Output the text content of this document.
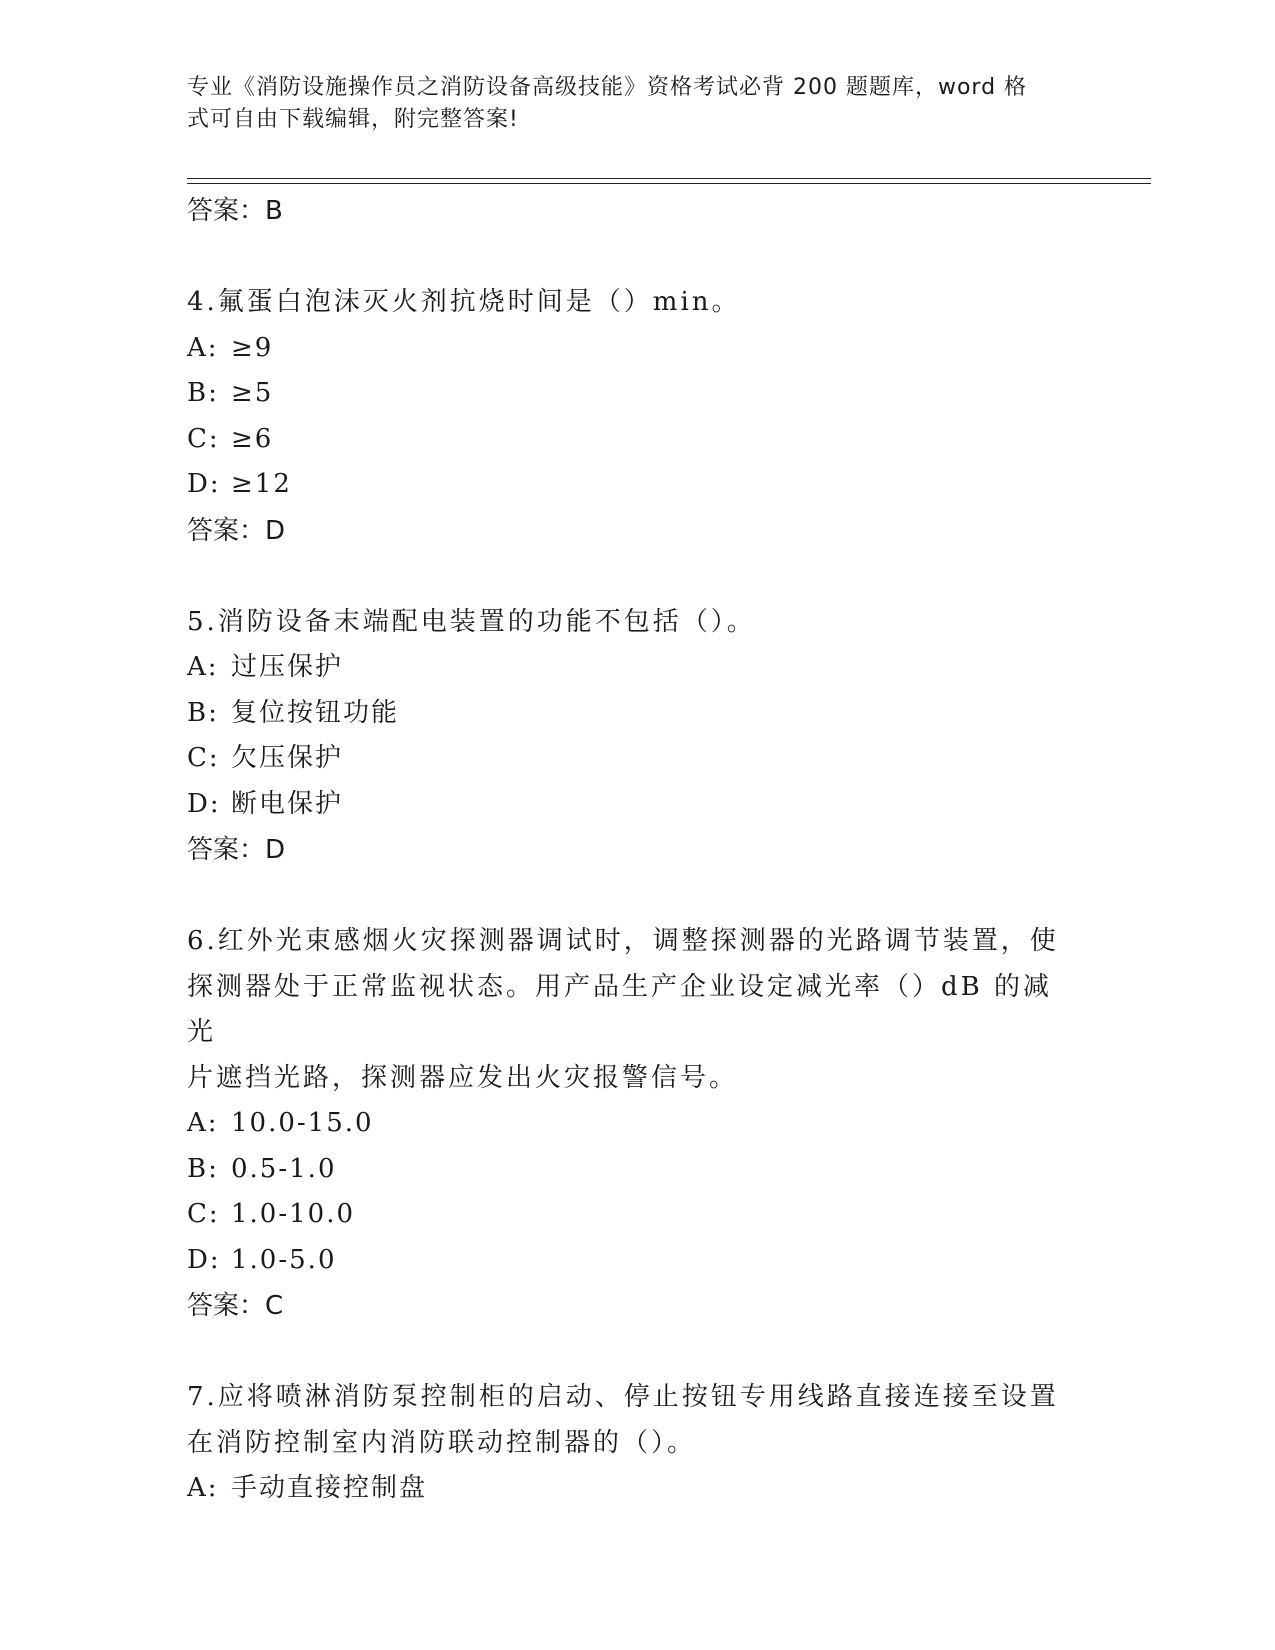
专业《消防设施操作员之消防设备高级技能》资格考试必背 200 题题库，word 格
式可自由下载编辑，附完整答案!

答案：B

4.氟蛋白泡沫灭火剂抗烧时间是（）min。

A: ≥9

B: ≥5

C: ≥6

D: ≥12

答案：D

5.消防设备末端配电装置的功能不包括（）。

A: 过压保护

B: 复位按钮功能

C: 欠压保护

D: 断电保护

答案：D

6.红外光束感烟火灾探测器调试时，调整探测器的光路调节装置，使

探测器处于正常监视状态。用产品生产企业设定减光率（）dB 的减光

片遮挡光路，探测器应发出火灾报警信号。

A: 10.0-15.0

B: 0.5-1.0

C: 1.0-10.0

D: 1.0-5.0

答案：C

7.应将喷淋消防泵控制柜的启动、停止按钮专用线路直接连接至设置

在消防控制室内消防联动控制器的（）。

A: 手动直接控制盘
